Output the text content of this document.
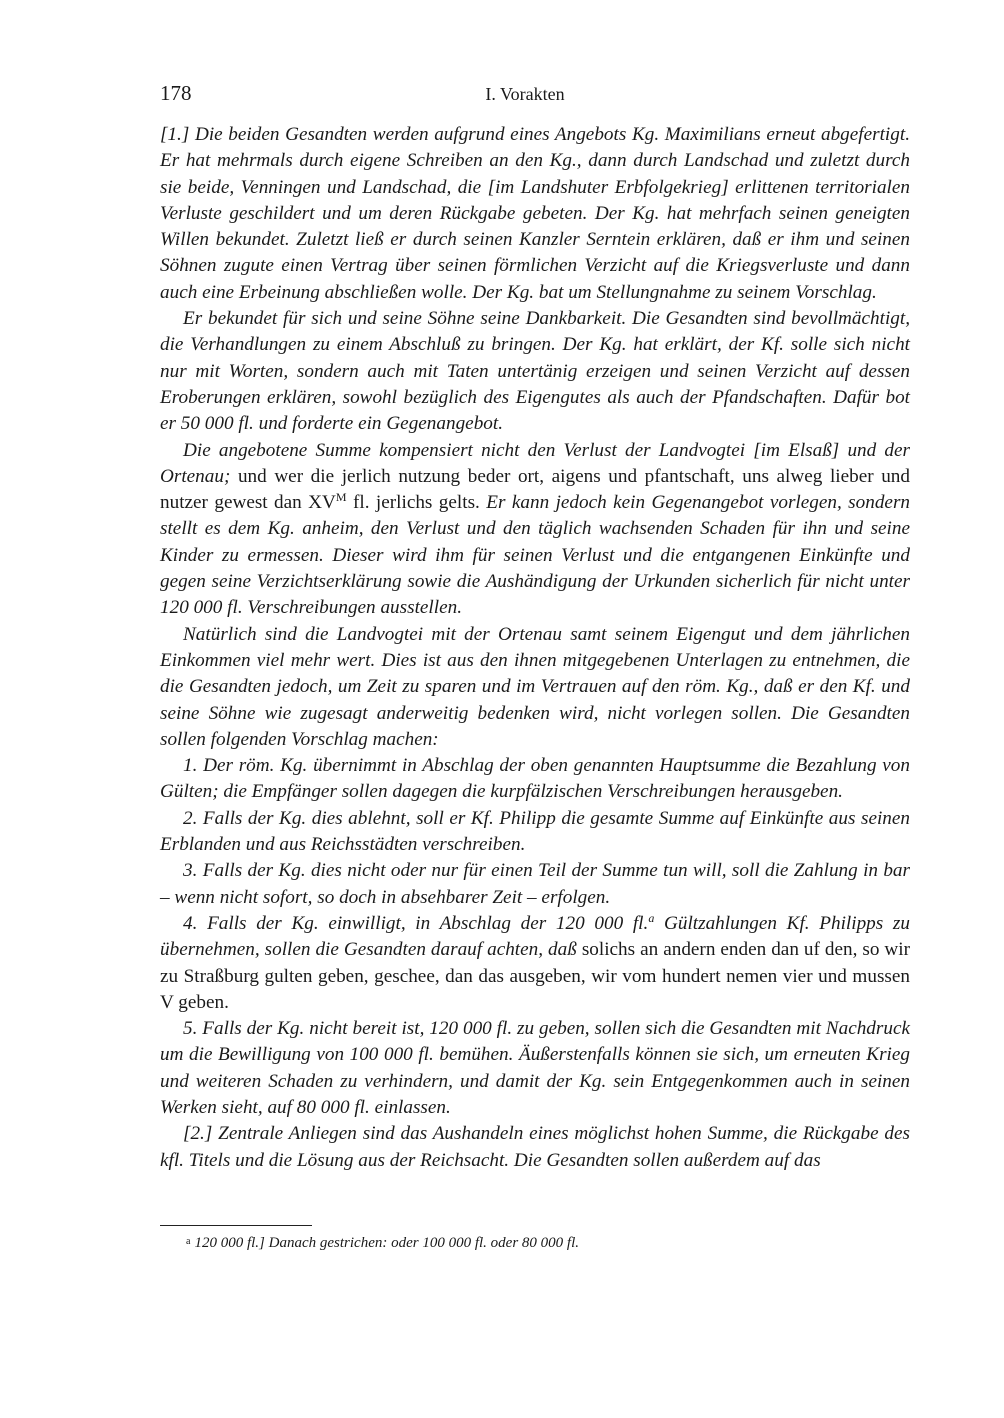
178	I. Vorakten

[1.] Die beiden Gesandten werden aufgrund eines Angebots Kg. Maximilians erneut abgefertigt. Er hat mehrmals durch eigene Schreiben an den Kg., dann durch Landschad und zuletzt durch sie beide, Venningen und Landschad, die [im Landshuter Erbfolgekrieg] erlittenen territorialen Verluste geschildert und um deren Rückgabe gebeten. Der Kg. hat mehrfach seinen geneigten Willen bekundet. Zuletzt ließ er durch seinen Kanzler Serntein erklären, daß er ihm und seinen Söhnen zugute einen Vertrag über seinen förmlichen Verzicht auf die Kriegsverluste und dann auch eine Erbeinung abschließen wolle. Der Kg. bat um Stellungnahme zu seinem Vorschlag.

Er bekundet für sich und seine Söhne seine Dankbarkeit. Die Gesandten sind bevollmächtigt, die Verhandlungen zu einem Abschluß zu bringen. Der Kg. hat erklärt, der Kf. solle sich nicht nur mit Worten, sondern auch mit Taten untertänig erzeigen und seinen Verzicht auf dessen Eroberungen erklären, sowohl bezüglich des Eigengutes als auch der Pfandschaften. Dafür bot er 50 000 fl. und forderte ein Gegenangebot.

Die angebotene Summe kompensiert nicht den Verlust der Landvogtei [im Elsaß] und der Ortenau; und wer die jerlich nutzung beder ort, aigens und pfantschaft, uns alweg lieber und nutzer gewest dan $XV^M$ fl. jerlichs gelts. Er kann jedoch kein Gegenangebot vorlegen, sondern stellt es dem Kg. anheim, den Verlust und den täglich wachsenden Schaden für ihn und seine Kinder zu ermessen. Dieser wird ihm für seinen Verlust und die entgangenen Einkünfte und gegen seine Verzichtserklärung sowie die Aushändigung der Urkunden sicherlich für nicht unter 120 000 fl. Verschreibungen ausstellen.

Natürlich sind die Landvogtei mit der Ortenau samt seinem Eigengut und dem jährlichen Einkommen viel mehr wert. Dies ist aus den ihnen mitgegebenen Unterlagen zu entnehmen, die die Gesandten jedoch, um Zeit zu sparen und im Vertrauen auf den röm. Kg., daß er den Kf. und seine Söhne wie zugesagt anderweitig bedenken wird, nicht vorlegen sollen. Die Gesandten sollen folgenden Vorschlag machen:

1. Der röm. Kg. übernimmt in Abschlag der oben genannten Hauptsumme die Bezahlung von Gülten; die Empfänger sollen dagegen die kurpfälzischen Verschreibungen herausgeben.

2. Falls der Kg. dies ablehnt, soll er Kf. Philipp die gesamte Summe auf Einkünfte aus seinen Erblanden und aus Reichsstädten verschreiben.

3. Falls der Kg. dies nicht oder nur für einen Teil der Summe tun will, soll die Zahlung in bar – wenn nicht sofort, so doch in absehbarer Zeit – erfolgen.

4. Falls der Kg. einwilligt, in Abschlag der 120 000 fl.$^a$ Gültzahlungen Kf. Philipps zu übernehmen, sollen die Gesandten darauf achten, daß solichs an andern enden dan uf den, so wir zu Straßburg gulten geben, geschee, dan das ausgeben, wir vom hundert nemen vier und mussen V geben.

5. Falls der Kg. nicht bereit ist, 120 000 fl. zu geben, sollen sich die Gesandten mit Nachdruck um die Bewilligung von 100 000 fl. bemühen. Äußerstenfalls können sie sich, um erneuten Krieg und weiteren Schaden zu verhindern, und damit der Kg. sein Entgegenkommen auch in seinen Werken sieht, auf 80 000 fl. einlassen.

[2.] Zentrale Anliegen sind das Aushandeln eines möglichst hohen Summe, die Rückgabe des kfl. Titels und die Lösung aus der Reichsacht. Die Gesandten sollen außerdem auf das

$^a$ 120 000 fl.] Danach gestrichen: oder 100 000 fl. oder 80 000 fl.
